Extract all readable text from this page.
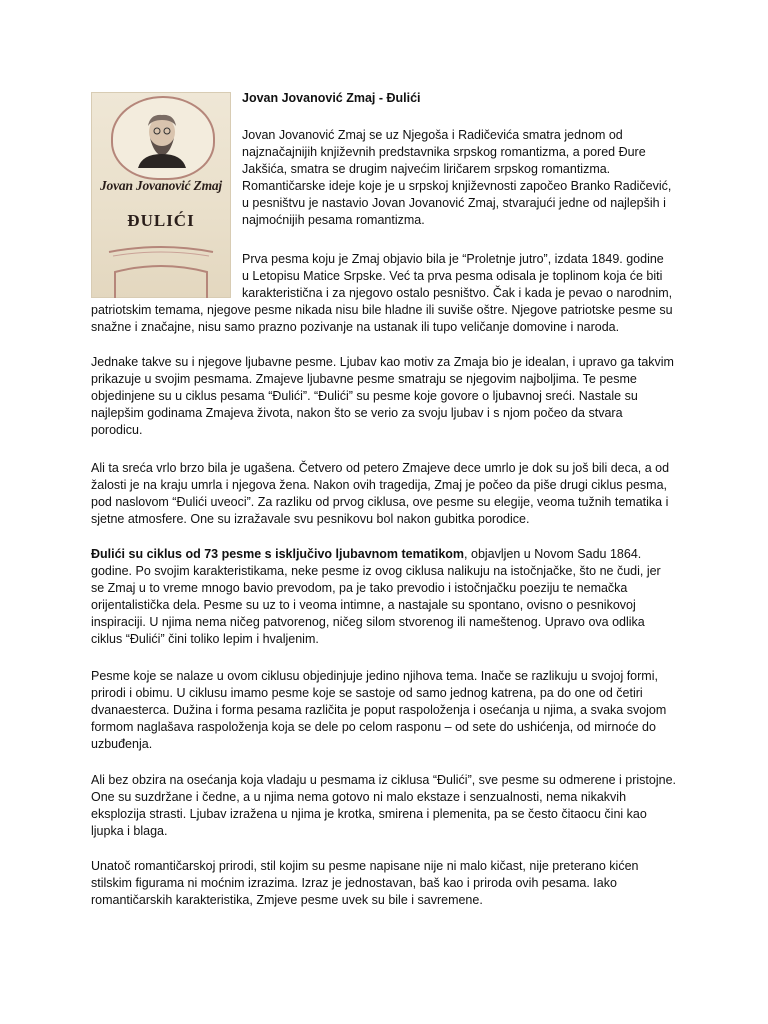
Jovan Jovanović Zmaj
ĐULIĆI
Jovan Jovanović Zmaj - Đulići

Jovan Jovanović Zmaj se uz Njegoša i Radičevića smatra jednom od najznačajnijih književnih predstavnika srpskog romantizma, a pored Đure Jakšića, smatra se drugim najvećim liričarem srpskog romantizma. Romantičarske ideje koje je u srpskoj književnosti započeo Branko Radičević, u pesništvu je nastavio Jovan Jovanović Zmaj, stvarajući jedne od najlepših i najmoćnijih pesama romantizma.

Prva pesma koju je Zmaj objavio bila je “Proletnje jutro”, izdata 1849. godine u Letopisu Matice Srpske. Već ta prva pesma odisala je toplinom koja će biti karakteristična i za njegovo ostalo pesništvo. Čak i kada je pevao o narodnim,

patriotskim temama, njegove pesme nikada nisu bile hladne ili suviše oštre. Njegove patriotske pesme su snažne i značajne, nisu samo prazno pozivanje na ustanak ili tupo veličanje domovine i naroda.

Jednake takve su i njegove ljubavne pesme. Ljubav kao motiv za Zmaja bio je idealan, i upravo ga takvim prikazuje u svojim pesmama. Zmajeve ljubavne pesme smatraju se njegovim najboljima. Te pesme objedinjene su u ciklus pesama “Đulići”. “Đulići” su pesme koje govore o ljubavnoj sreći. Nastale su najlepšim godinama Zmajeva života, nakon što se verio za svoju ljubav i s njom počeo da stvara porodicu.

Ali ta sreća vrlo brzo bila je ugašena. Četvero od petero Zmajeve dece umrlo je dok su još bili deca, a od žalosti je na kraju umrla i njegova žena. Nakon ovih tragedija, Zmaj je počeo da piše drugi ciklus pesma, pod naslovom “Đulići uveoci”. Za razliku od prvog ciklusa, ove pesme su elegije, veoma tužnih tematika i sjetne atmosfere. One su izražavale svu pesnikovu bol nakon gubitka porodice.

Đulići su ciklus od 73 pesme s isključivo ljubavnom tematikom, objavljen u Novom Sadu 1864. godine. Po svojim karakteristikama, neke pesme iz ovog ciklusa nalikuju na istočnjačke, što ne čudi, jer se Zmaj u to vreme mnogo bavio prevodom, pa je tako prevodio i istočnjačku poeziju te nemačka orijentalistička dela. Pesme su uz to i veoma intimne, a nastajale su spontano, ovisno o pesnikovoj inspiraciji. U njima nema ničeg patvorenog, ničeg silom stvorenog ili nameštenog. Upravo ova odlika ciklus “Đulići” čini toliko lepim i hvaljenim.

Pesme koje se nalaze u ovom ciklusu objedinjuje jedino njihova tema. Inače se razlikuju u svojoj formi, prirodi i obimu. U ciklusu imamo pesme koje se sastoje od samo jednog katrena, pa do one od četiri dvanaesterca. Dužina i forma pesama različita je poput raspoloženja i osećanja u njima, a svaka svojom formom naglašava raspoloženja koja se dele po celom rasponu – od sete do ushićenja, od mirnoće do uzbuđenja.

Ali bez obzira na osećanja koja vladaju u pesmama iz ciklusa “Đulići”, sve pesme su odmerene i pristojne. One su suzdržane i čedne, a u njima nema gotovo ni malo ekstaze i senzualnosti, nema nikakvih eksplozija strasti. Ljubav izražena u njima je krotka, smirena i plemenita, pa se često čitaocu čini kao ljupka i blaga.

Unatoč romantičarskoj prirodi, stil kojim su pesme napisane nije ni malo kičast, nije preterano kićen stilskim figurama ni moćnim izrazima. Izraz je jednostavan, baš kao i priroda ovih pesama. Iako romantičarskih karakteristika, Zmjeve pesme uvek su bile i savremene.
